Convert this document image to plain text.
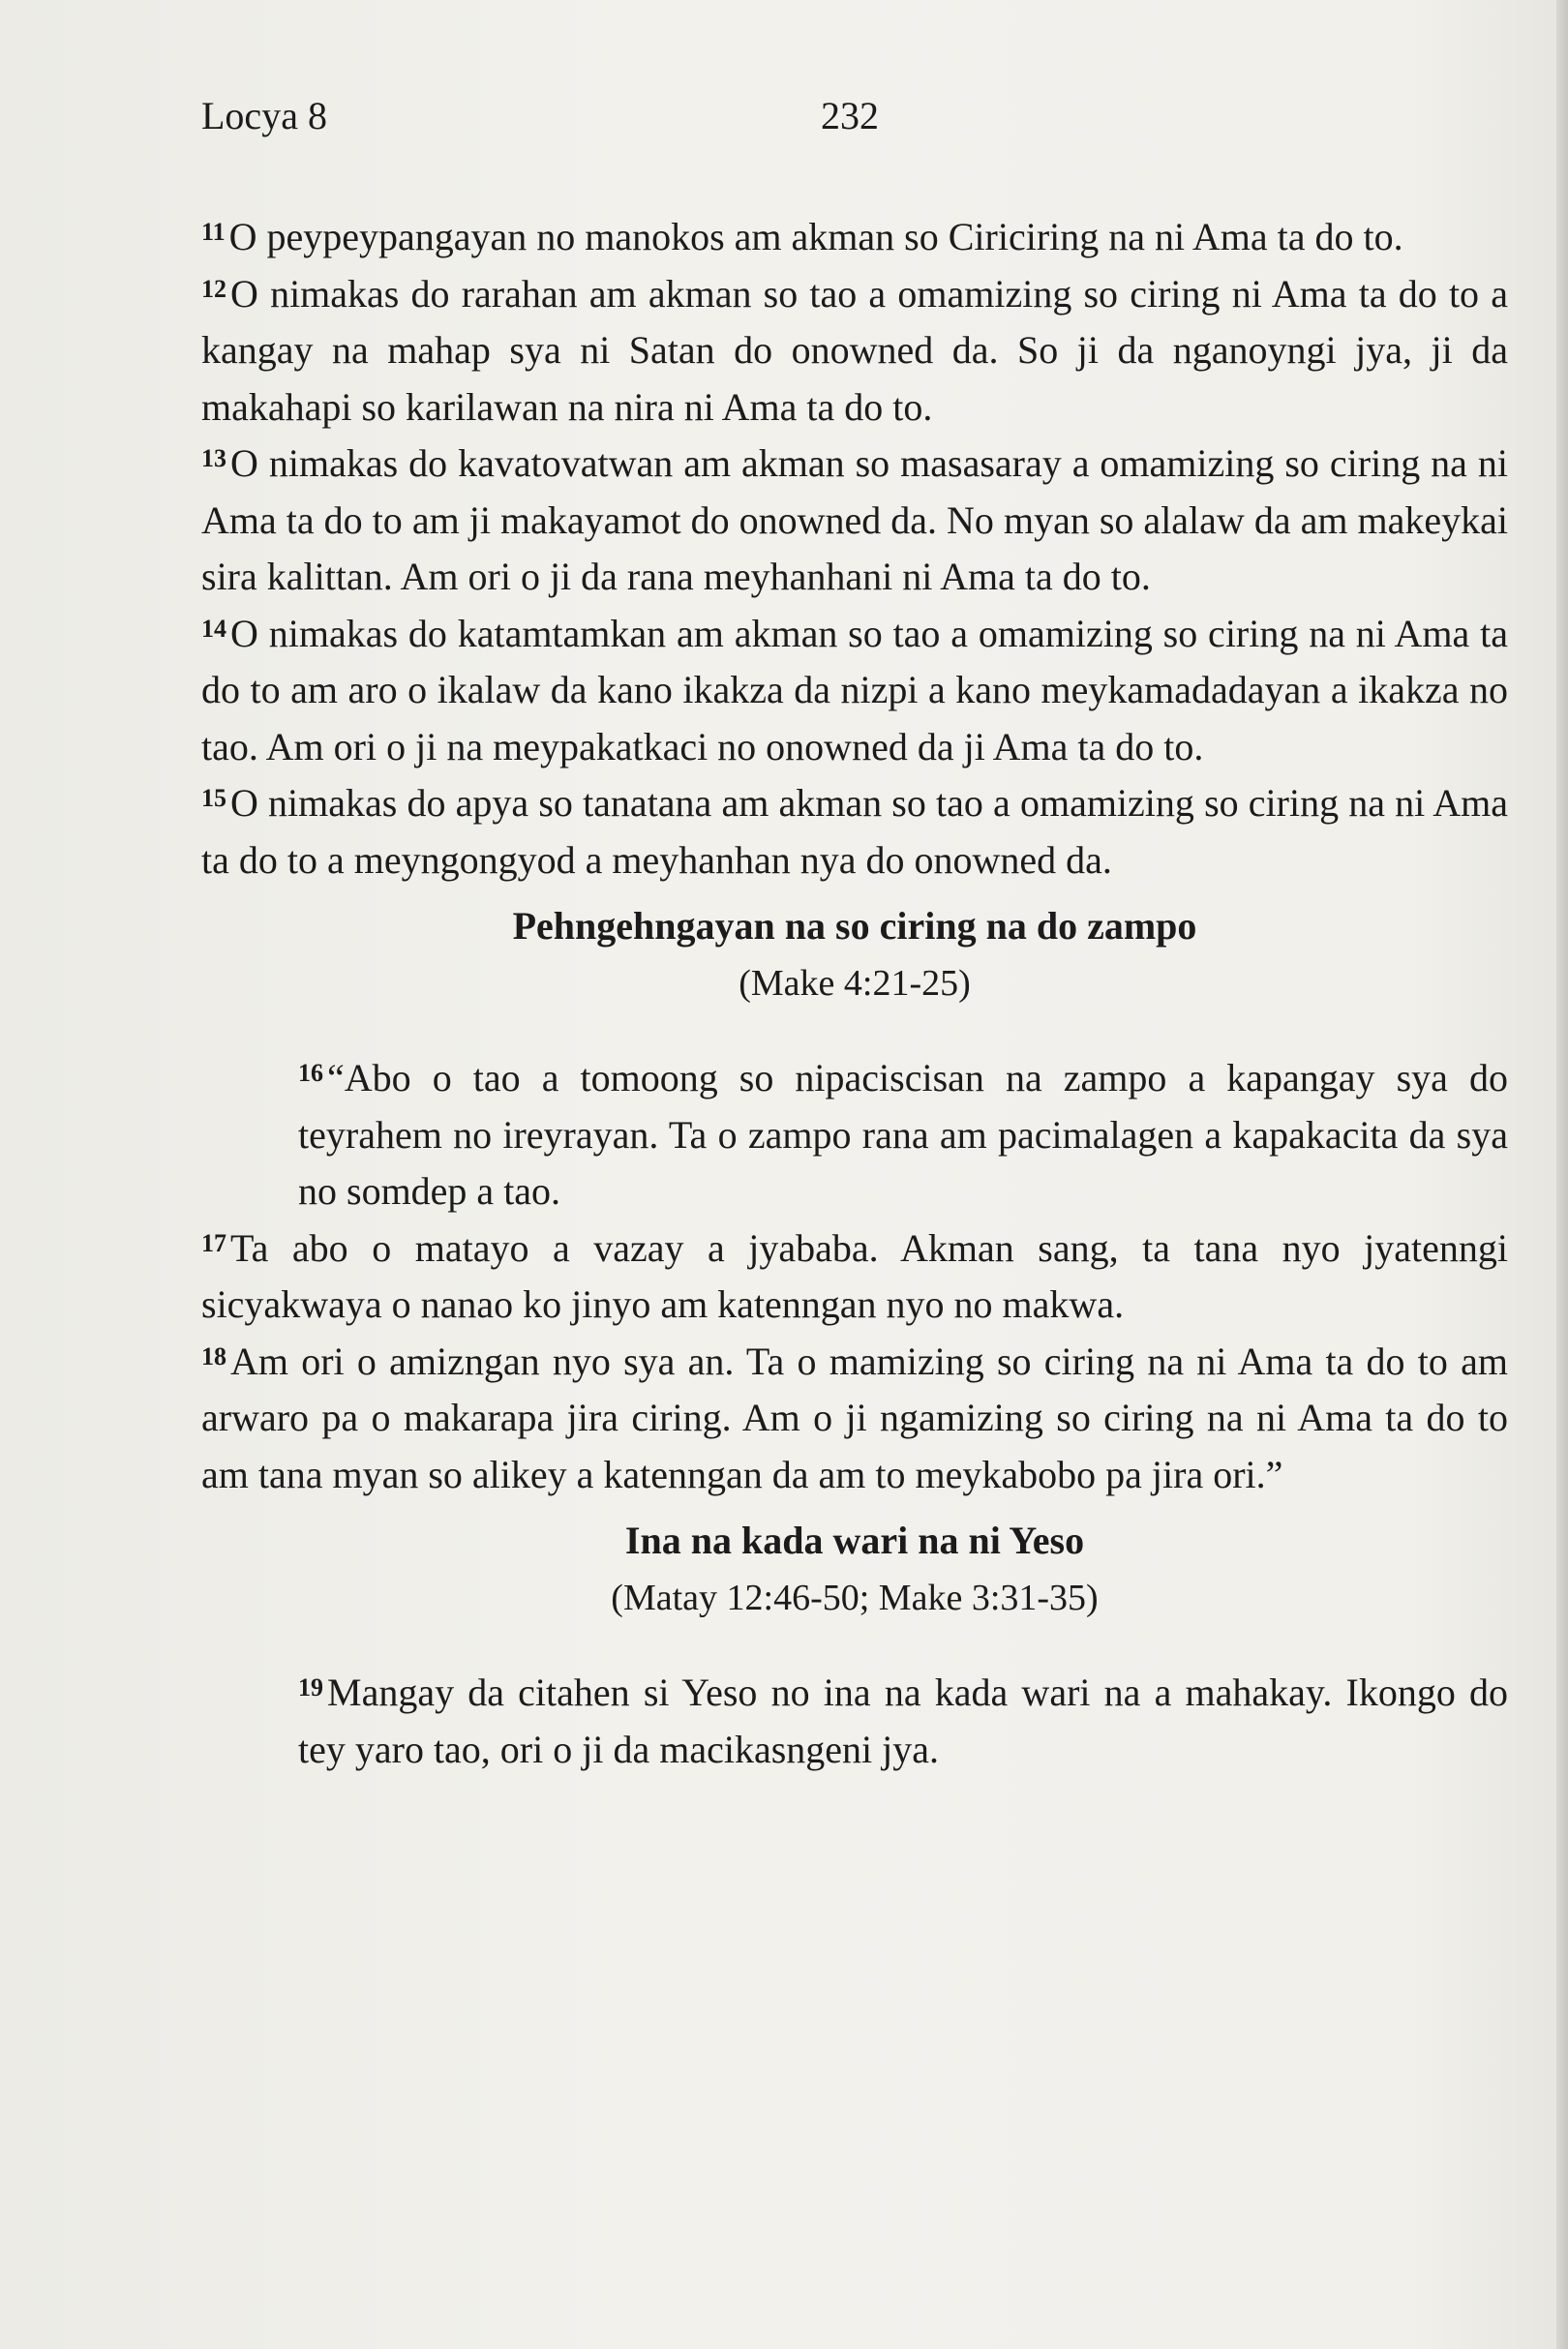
Locya 8	232

$^{11}$ O peypeypangayan no manokos am akman so Ciriciring na ni Ama ta do to.

$^{12}$ O nimakas do rarahan am akman so tao a omamizing so ciring ni Ama ta do to a kangay na mahap sya ni Satan do onowned da. So ji da nganoyngi jya, ji da makahapi so karilawan na nira ni Ama ta do to.

$^{13}$ O nimakas do kavatovatwan am akman so masasaray a omamizing so ciring na ni Ama ta do to am ji makayamot do onowned da. No myan so alalaw da am makeykai sira kalittan. Am ori o ji da rana meyhanhani ni Ama ta do to.

$^{14}$ O nimakas do katamtamkan am akman so tao a omamizing so ciring na ni Ama ta do to am aro o ikalaw da kano ikakza da nizpi a kano meykamadadayan a ikakza no tao. Am ori o ji na meypakatkaci no onowned da ji Ama ta do to.

$^{15}$ O nimakas do apya so tanatana am akman so tao a omamizing so ciring na ni Ama ta do to a meyngongyod a meyhanhan nya do onowned da.

Pehngehngayan na so ciring na do zampo

(Make 4:21-25)

$^{16}$ “Abo o tao a tomoong so nipaciscisan na zampo a kapangay sya do teyrahem no ireyrayan. Ta o zampo rana am pacimalagen a kapakacita da sya no somdep a tao.

$^{17}$ Ta abo o matayo a vazay a jyababa. Akman sang, ta tana nyo jyatenngi sicyakwaya o nanao ko jinyo am katenngan nyo no makwa.

$^{18}$ Am ori o amizngan nyo sya an. Ta o mamizing so ciring na ni Ama ta do to am arwaro pa o makarapa jira ciring. Am o ji ngamizing so ciring na ni Ama ta do to am tana myan so alikey a katenngan da am to meykabobo pa jira ori.”

Ina na kada wari na ni Yeso

(Matay 12:46-50; Make 3:31-35)

$^{19}$ Mangay da citahen si Yeso no ina na kada wari na a mahakay. Ikongo do tey yaro tao, ori o ji da macikasngeni jya.
